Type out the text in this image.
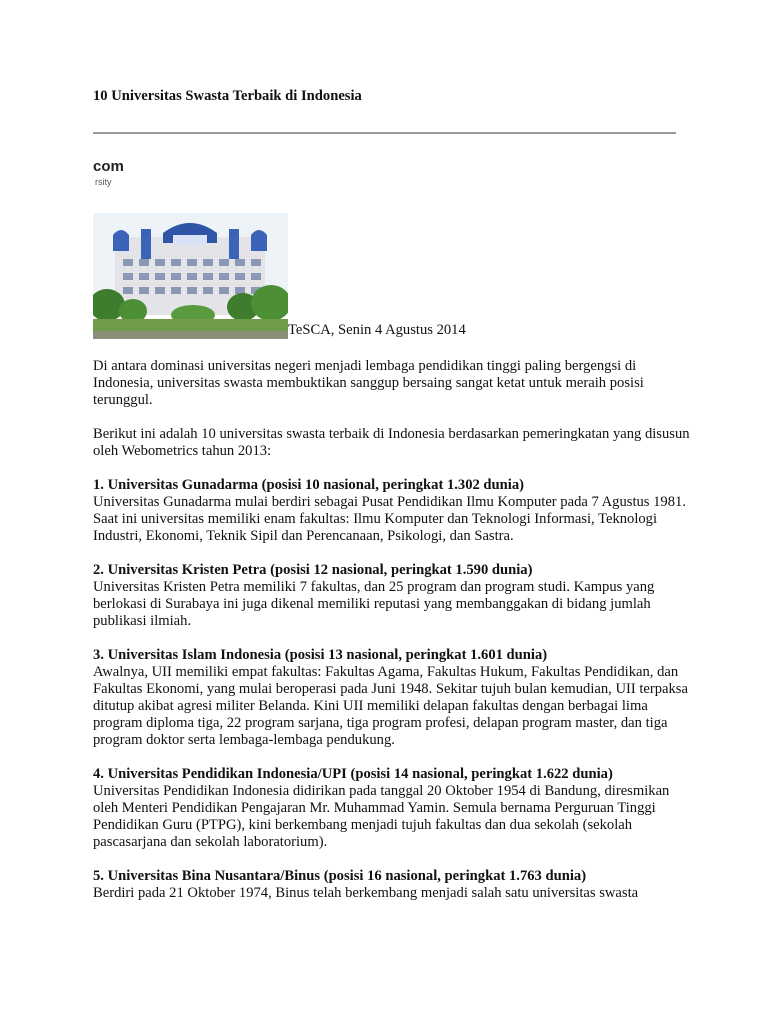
10 Universitas Swasta Terbaik di Indonesia
com
rsity
TeSCA, Senin 4 Agustus 2014

Di antara dominasi universitas negeri menjadi lembaga pendidikan tinggi paling bergengsi di Indonesia, universitas swasta membuktikan sanggup bersaing sangat ketat untuk meraih posisi terunggul.

Berikut ini adalah 10 universitas swasta terbaik di Indonesia berdasarkan pemeringkatan yang disusun oleh Webometrics tahun 2013:

1. Universitas Gunadarma (posisi 10 nasional, peringkat 1.302 dunia)
Universitas Gunadarma mulai berdiri sebagai Pusat Pendidikan Ilmu Komputer pada 7 Agustus 1981. Saat ini universitas memiliki enam fakultas: Ilmu Komputer dan Teknologi Informasi, Teknologi Industri, Ekonomi, Teknik Sipil dan Perencanaan, Psikologi, dan Sastra.
2. Universitas Kristen Petra (posisi 12 nasional, peringkat 1.590 dunia)
Universitas Kristen Petra memiliki 7 fakultas, dan 25 program dan program studi. Kampus yang berlokasi di Surabaya ini juga dikenal memiliki reputasi yang membanggakan di bidang jumlah publikasi ilmiah.
3. Universitas Islam Indonesia (posisi 13 nasional, peringkat 1.601 dunia)
Awalnya, UII memiliki empat fakultas: Fakultas Agama, Fakultas Hukum, Fakultas Pendidikan, dan Fakultas Ekonomi, yang mulai beroperasi pada Juni 1948. Sekitar tujuh bulan kemudian, UII terpaksa ditutup akibat agresi militer Belanda. Kini UII memiliki delapan fakultas dengan berbagai lima program diploma tiga, 22 program sarjana, tiga program profesi, delapan program master, dan tiga program doktor serta lembaga-lembaga pendukung.
4. Universitas Pendidikan Indonesia/UPI (posisi 14 nasional, peringkat 1.622 dunia)
Universitas Pendidikan Indonesia didirikan pada tanggal 20 Oktober 1954 di Bandung, diresmikan oleh Menteri Pendidikan Pengajaran Mr. Muhammad Yamin. Semula bernama Perguruan Tinggi Pendidikan Guru (PTPG), kini berkembang menjadi tujuh fakultas dan dua sekolah (sekolah pascasarjana dan sekolah laboratorium).
5. Universitas Bina Nusantara/Binus (posisi 16 nasional, peringkat 1.763 dunia)
Berdiri pada 21 Oktober 1974, Binus telah berkembang menjadi salah satu universitas swasta
